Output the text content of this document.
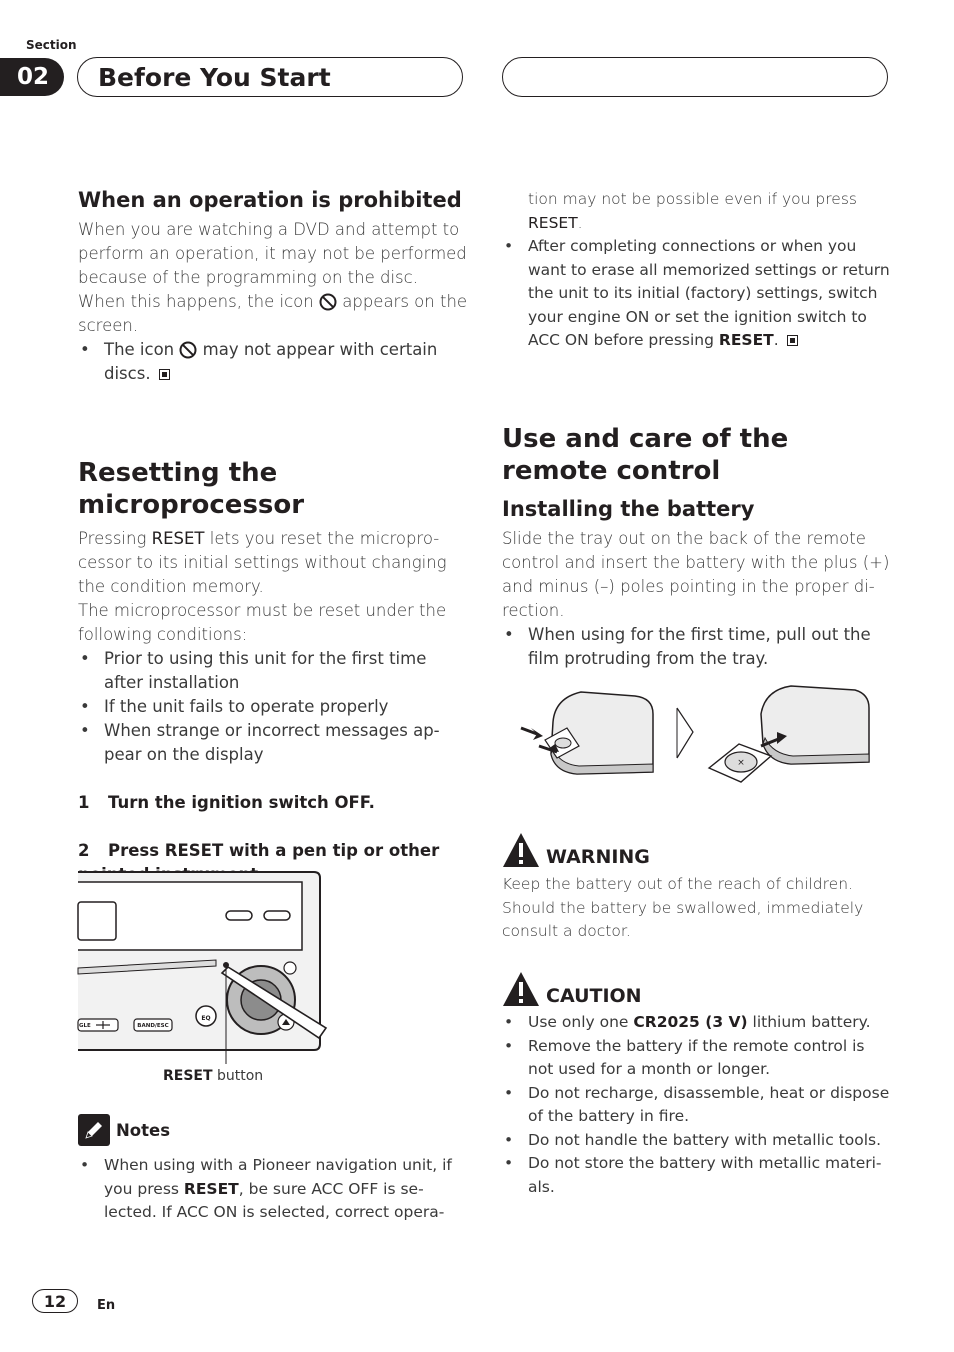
Section
02	Before You Start
When an operation is prohibited

When you are watching a DVD and attempt to perform an operation, it may not be performed because of the programming on the disc. When this happens, the icon appears on the screen.

• The icon may not appear with certain discs.
Resetting the microprocessor

Pressing RESET lets you reset the micropro-cessor to its initial settings without changing the condition memory.

The microprocessor must be reset under the following conditions:

• Prior to using this unit for the first time after installation
• If the unit fails to operate properly
• When strange or incorrect messages ap-pear on the display

1 Turn the ignition switch OFF.

2 Press RESET with a pen tip or other

EQ
BAND/ESC
GLE
RESET button
Notes
• When using with a Pioneer navigation unit, if you press RESET, be sure ACC OFF is se-lected. If ACC ON is selected, correct opera-

tion may not be possible even if you press RESET.

• After completing connections or when you want to erase all memorized settings or return the unit to its initial (factory) settings, switch your engine ON or set the ignition switch to ACC ON before pressing RESET.
Use and care of the remote control
Installing the battery

Slide the tray out on the back of the remote control and insert the battery with the plus (+) and minus (–) poles pointing in the proper di-rection.

• When using for the first time, pull out the film protruding from the tray.
×
WARNING

Keep the battery out of the reach of children. Should the battery be swallowed, immediately consult a doctor.

CAUTION
• Use only one CR2025 (3 V) lithium battery.
• Remove the battery if the remote control is not used for a month or longer.
• Do not recharge, disassemble, heat or dispose of the battery in fire.
• Do not handle the battery with metallic tools.
• Do not store the battery with metallic materi-als.
12	En
